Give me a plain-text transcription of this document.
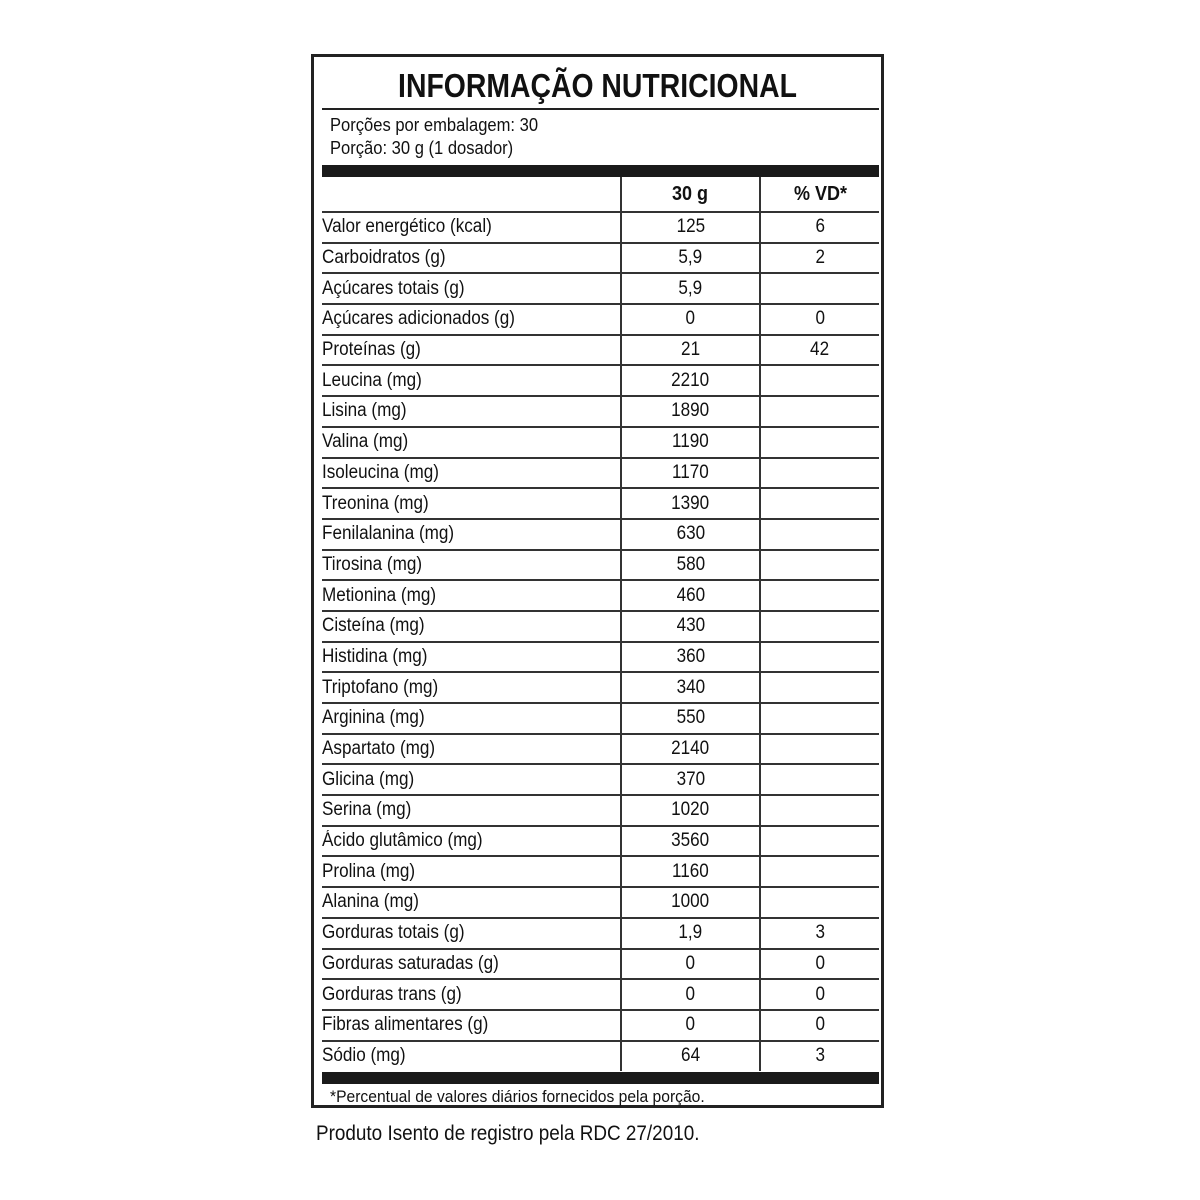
INFORMAÇÃO NUTRICIONAL
Porções por embalagem: 30
Porção: 30 g (1 dosador)
	30 g	% VD*
Valor energético (kcal)	125	6
Carboidratos (g)	5,9	2
Açúcares totais (g)	5,9	
Açúcares adicionados (g)	0	0
Proteínas (g)	21	42
Leucina (mg)	2210	
Lisina (mg)	1890	
Valina (mg)	1190	
Isoleucina (mg)	1170	
Treonina (mg)	1390	
Fenilalanina (mg)	630	
Tirosina (mg)	580	
Metionina (mg)	460	
Cisteína (mg)	430	
Histidina (mg)	360	
Triptofano (mg)	340	
Arginina (mg)	550	
Aspartato (mg)	2140	
Glicina (mg)	370	
Serina (mg)	1020	
Ácido glutâmico (mg)	3560	
Prolina (mg)	1160	
Alanina (mg)	1000	
Gorduras totais (g)	1,9	3
Gorduras saturadas (g)	0	0
Gorduras trans (g)	0	0
Fibras alimentares (g)	0	0
Sódio (mg)	64	3
*Percentual de valores diários fornecidos pela porção.
Produto Isento de registro pela RDC 27/2010.
